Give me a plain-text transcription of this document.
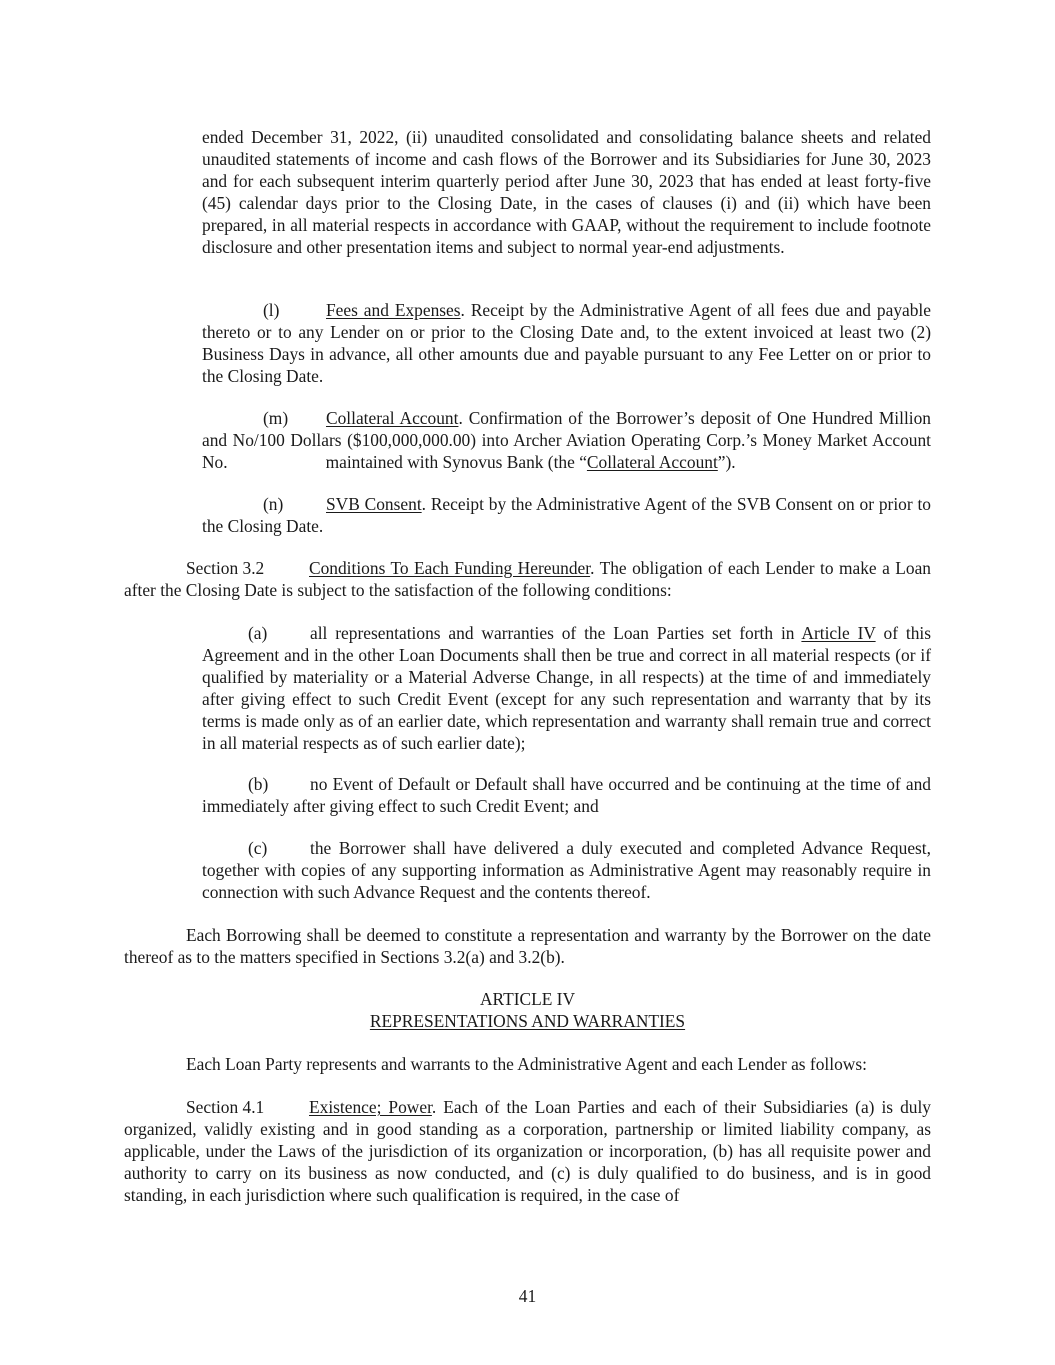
ended December 31, 2022, (ii) unaudited consolidated and consolidating balance sheets and related unaudited statements of income and cash flows of the Borrower and its Subsidiaries for June 30, 2023 and for each subsequent interim quarterly period after June 30, 2023 that has ended at least forty-five (45) calendar days prior to the Closing Date, in the cases of clauses (i) and (ii) which have been prepared, in all material respects in accordance with GAAP, without the requirement to include footnote disclosure and other presentation items and subject to normal year-end adjustments.

(l)	Fees and Expenses. Receipt by the Administrative Agent of all fees due and payable thereto or to any Lender on or prior to the Closing Date and, to the extent invoiced at least two (2) Business Days in advance, all other amounts due and payable pursuant to any Fee Letter on or prior to the Closing Date.

(m) Collateral Account. Confirmation of the Borrower’s deposit of One Hundred Million and No/100 Dollars ($100,000,000.00) into Archer Aviation Operating Corp.’s Money Market Account No.	maintained with Synovus Bank (the “Collateral Account”).

(n) SVB Consent. Receipt by the Administrative Agent of the SVB Consent on or prior to the Closing Date.

Section 3.2	Conditions To Each Funding Hereunder. The obligation of each Lender to make a Loan after the Closing Date is subject to the satisfaction of the following conditions:

(a) all representations and warranties of the Loan Parties set forth in Article IV of this Agreement and in the other Loan Documents shall then be true and correct in all material respects (or if qualified by materiality or a Material Adverse Change, in all respects) at the time of and immediately after giving effect to such Credit Event (except for any such representation and warranty that by its terms is made only as of an earlier date, which representation and warranty shall remain true and correct in all material respects as of such earlier date);

(b) no Event of Default or Default shall have occurred and be continuing at the time of and immediately after giving effect to such Credit Event; and

(c) the Borrower shall have delivered a duly executed and completed Advance Request, together with copies of any supporting information as Administrative Agent may reasonably require in connection with such Advance Request and the contents thereof.

Each Borrowing shall be deemed to constitute a representation and warranty by the Borrower on the date thereof as to the matters specified in Sections 3.2(a) and 3.2(b).

ARTICLE IV

REPRESENTATIONS AND WARRANTIES

Each Loan Party represents and warrants to the Administrative Agent and each Lender as follows:

Section 4.1	Existence; Power. Each of the Loan Parties and each of their Subsidiaries (a) is duly organized, validly existing and in good standing as a corporation, partnership or limited liability company, as applicable, under the Laws of the jurisdiction of its organization or incorporation, (b) has all requisite power and authority to carry on its business as now conducted, and (c) is duly qualified to do business, and is in good standing, in each jurisdiction where such qualification is required, in the case of

41
